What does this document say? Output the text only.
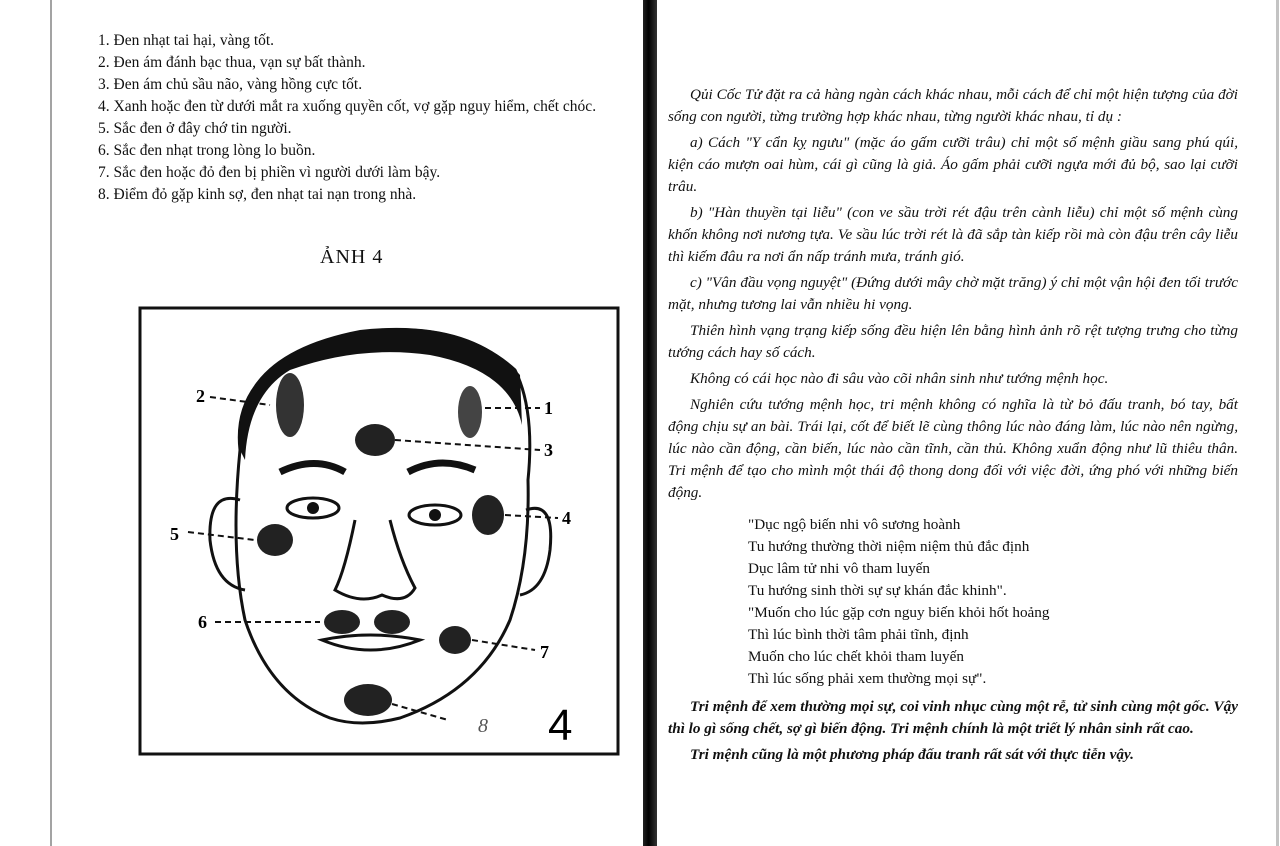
1. Đen nhạt tai hại, vàng tốt.
2. Đen ám đánh bạc thua, vạn sự bất thành.
3. Đen ám chủ sầu não, vàng hồng cực tốt.
4. Xanh hoặc đen từ dưới mắt ra xuống quyền cốt, vợ gặp nguy hiểm, chết chóc.
5. Sắc đen ở đây chớ tin người.
6. Sắc đen nhạt trong lòng lo buồn.
7. Sắc đen hoặc đỏ đen bị phiền vì người dưới làm bậy.
8. Điểm đỏ gặp kinh sợ, đen nhạt tai nạn trong nhà.
ẢNH 4
2
1
3
4
5
6
7
8 4

Qủi Cốc Tử đặt ra cả hàng ngàn cách khác nhau, mỗi cách để chỉ một hiện tượng của đời sống con người, từng trường hợp khác nhau, từng người khác nhau, tỉ dụ :

a) Cách "Y cẩn kỵ ngưu" (mặc áo gấm cưỡi trâu) chỉ một số mệnh giầu sang phú qúi, kiện cáo mượn oai hùm, cái gì cũng là giả. Áo gấm phải cưỡi ngựa mới đủ bộ, sao lại cưỡi trâu.

b) "Hàn thuyền tại liễu" (con ve sầu trời rét đậu trên cành liễu) chỉ một số mệnh cùng khốn không nơi nương tựa. Ve sầu lúc trời rét là đã sắp tàn kiếp rồi mà còn đậu trên cây liễu thì kiếm đâu ra nơi ẩn nấp tránh mưa, tránh gió.

c) "Vân đầu vọng nguyệt" (Đứng dưới mây chờ mặt trăng) ý chỉ một vận hội đen tối trước mặt, nhưng tương lai vẫn nhiều hi vọng.

Thiên hình vạng trạng kiếp sống đều hiện lên bằng hình ảnh rõ rệt tượng trưng cho từng tướng cách hay số cách.

Không có cái học nào đi sâu vào cõi nhân sinh như tướng mệnh học.

Nghiên cứu tướng mệnh học, tri mệnh không có nghĩa là từ bỏ đấu tranh, bó tay, bất động chịu sự an bài. Trái lại, cốt để biết lẽ cùng thông lúc nào đáng làm, lúc nào nên ngừng, lúc nào cần động, cần biến, lúc nào cần tĩnh, cần thủ. Không xuẩn động như lũ thiêu thân. Tri mệnh để tạo cho mình một thái độ thong dong đối với việc đời, ứng phó với những biến động.

"Dục ngộ biến nhi vô sương hoành
Tu hướng thường thời niệm niệm thủ đắc định
Dục lâm tử nhi vô tham luyến
Tu hướng sinh thời sự sự khán đắc khinh".
"Muốn cho lúc gặp cơn nguy biến khỏi hốt hoảng
Thì lúc bình thời tâm phải tĩnh, định
Muốn cho lúc chết khỏi tham luyến
Thì lúc sống phải xem thường mọi sự".

Tri mệnh để xem thường mọi sự, coi vinh nhục cùng một rễ, tử sinh cùng một gốc. Vậy thì lo gì sống chết, sợ gì biến động. Tri mệnh chính là một triết lý nhân sinh rất cao.

Tri mệnh cũng là một phương pháp đấu tranh rất sát với thực tiễn vậy.
